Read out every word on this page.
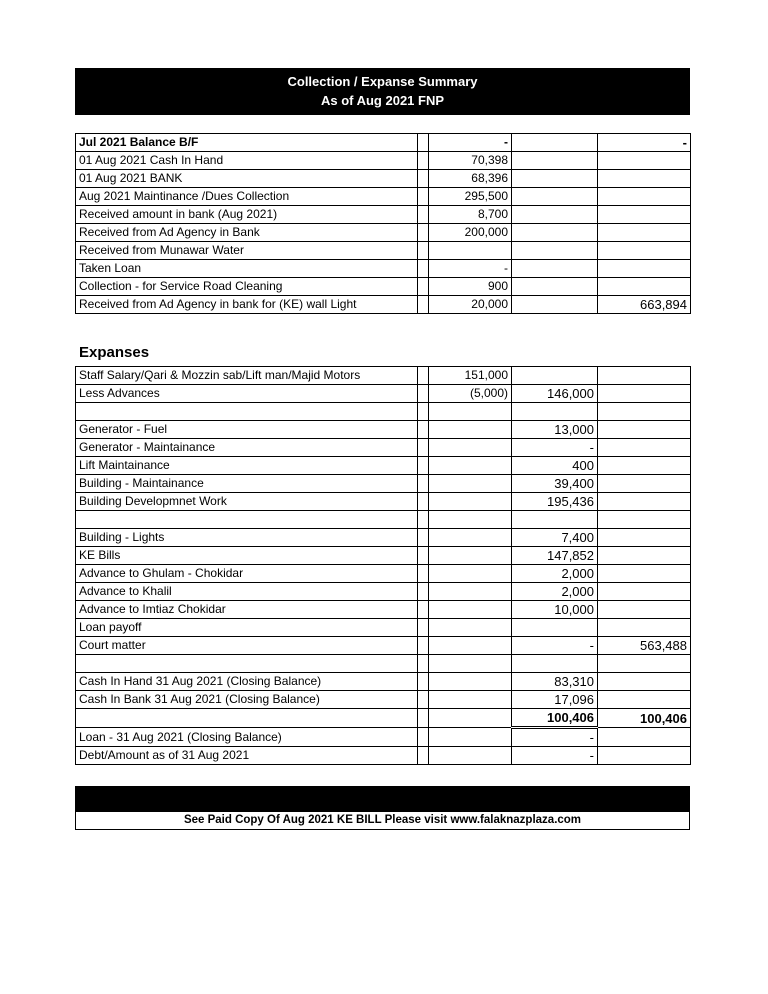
Collection / Expanse Summary
As of Aug 2021 FNP
Jul 2021 Balance B/F		-		-
01 Aug 2021 Cash In Hand		70,398		
01 Aug 2021 BANK		68,396		
Aug 2021 Maintinance /Dues Collection		295,500		
Received amount in bank (Aug 2021)		8,700		
Received from Ad Agency in Bank		200,000		
Received from Munawar Water				
Taken Loan		-		
Collection - for Service Road Cleaning		900		
Received from Ad Agency in bank for (KE) wall Light		20,000		663,894
Expanses
Staff Salary/Qari & Mozzin sab/Lift man/Majid Motors		151,000		
Less Advances		(5,000)	146,000	

Generator - Fuel			13,000	
Generator - Maintainance			-	
Lift Maintainance			400	
Building - Maintainance			39,400	
Building Developmnet Work			195,436	

Building - Lights			7,400	
KE Bills			147,852	
Advance to Ghulam - Chokidar			2,000	
Advance to Khalil			2,000	
Advance to Imtiaz Chokidar			10,000	
Loan payoff				
Court matter			-	563,488

Cash In Hand 31 Aug 2021 (Closing Balance)			83,310	
Cash In Bank 31 Aug 2021 (Closing Balance)			17,096	
			100,406	100,406
Loan - 31 Aug 2021 (Closing Balance)			-	
Debt/Amount as of 31 Aug 2021			-	
See Paid Copy Of Aug 2021 KE BILL Please visit www.falaknazplaza.com
